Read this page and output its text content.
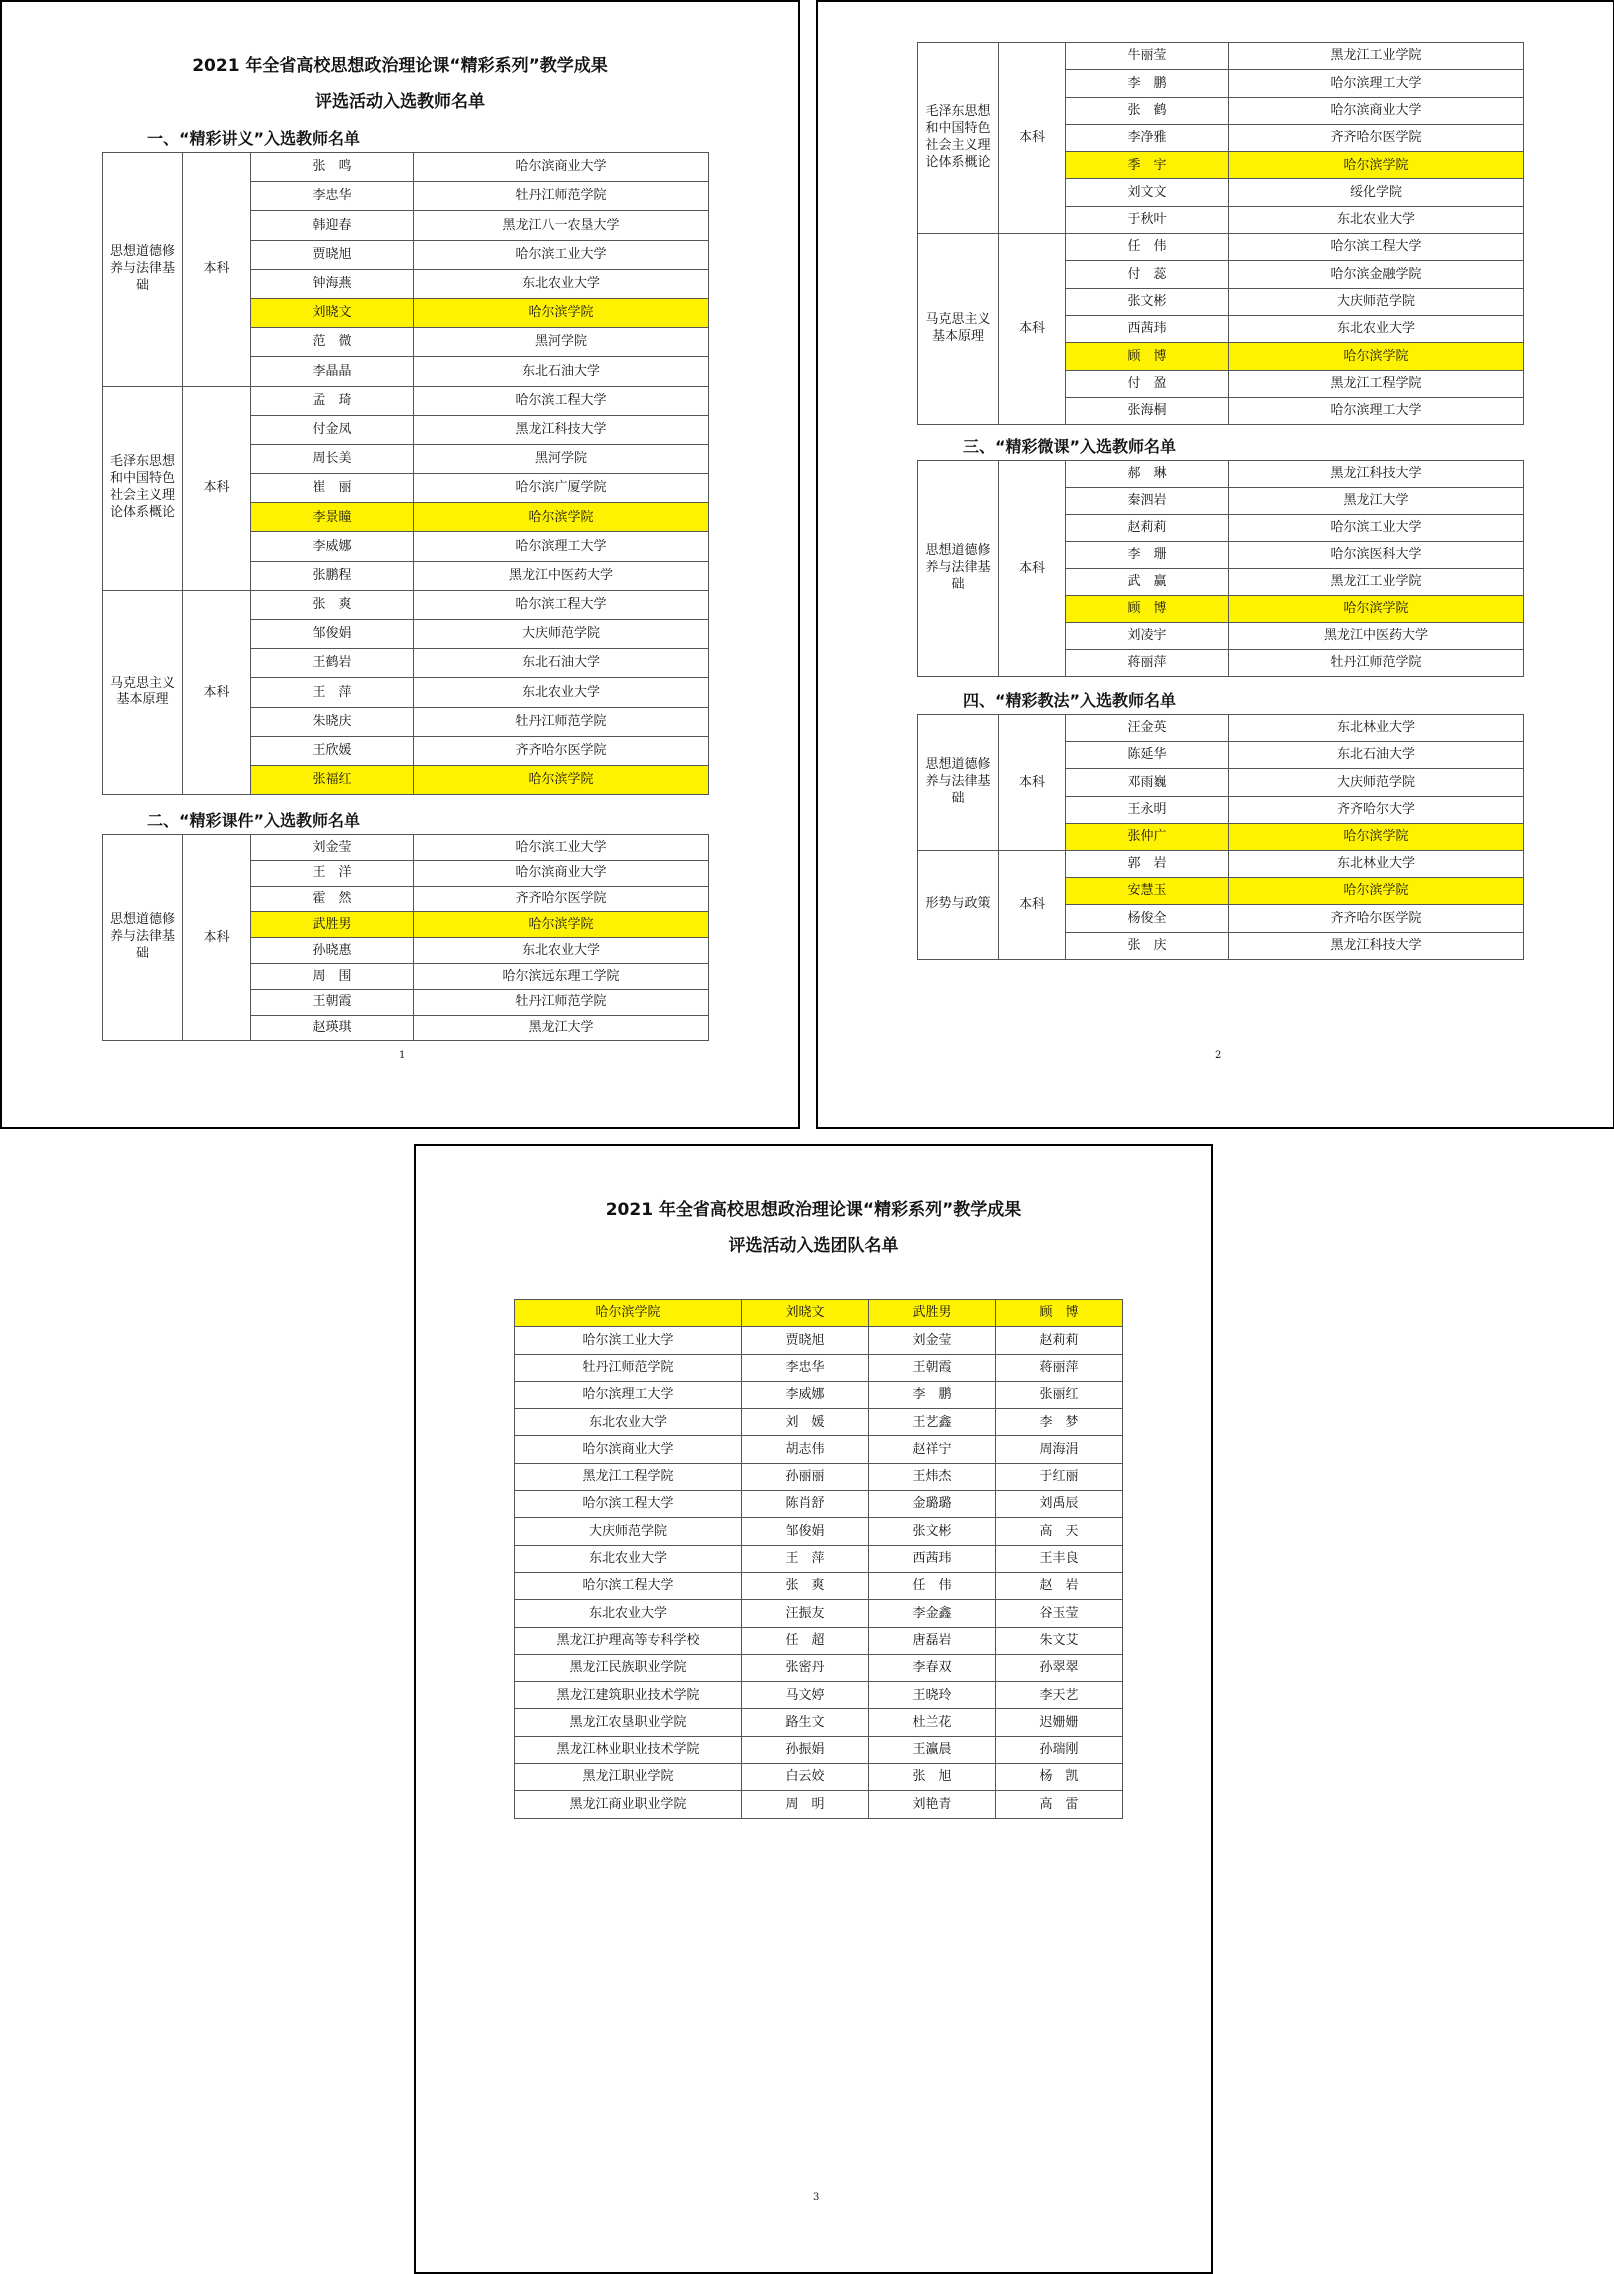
2021 年全省高校思想政治理论课“精彩系列”教学成果
评选活动入选教师名单
一、“精彩讲义”入选教师名单
思想道德修养与法律基础	本科	张　鸣	哈尔滨商业大学
		李忠华	牡丹江师范学院
		韩迎春	黑龙江八一农垦大学
		贾晓旭	哈尔滨工业大学
		钟海燕	东北农业大学
		刘晓文	哈尔滨学院
		范　微	黑河学院
		李晶晶	东北石油大学
毛泽东思想和中国特色社会主义理论体系概论	本科	孟　琦	哈尔滨工程大学
		付金凤	黑龙江科技大学
		周长美	黑河学院
		崔　丽	哈尔滨广厦学院
		李景瞳	哈尔滨学院
		李威娜	哈尔滨理工大学
		张鹏程	黑龙江中医药大学
马克思主义基本原理	本科	张　爽	哈尔滨工程大学
		邹俊娟	大庆师范学院
		王鹤岩	东北石油大学
		王　萍	东北农业大学
		朱晓庆	牡丹江师范学院
		王欣媛	齐齐哈尔医学院
		张福红	哈尔滨学院
二、“精彩课件”入选教师名单
思想道德修养与法律基础	本科	刘金莹	哈尔滨工业大学
		王　洋	哈尔滨商业大学
		霍　然	齐齐哈尔医学院
		武胜男	哈尔滨学院
		孙晓惠	东北农业大学
		周　围	哈尔滨远东理工学院
		王朝霞	牡丹江师范学院
		赵瑛琪	黑龙江大学
1
毛泽东思想和中国特色社会主义理论体系概论	本科	牛丽莹	黑龙江工业学院
		李　鹏	哈尔滨理工大学
		张　鹤	哈尔滨商业大学
		李净雅	齐齐哈尔医学院
		季　宇	哈尔滨学院
		刘文文	绥化学院
		于秋叶	东北农业大学
马克思主义基本原理	本科	任　伟	哈尔滨工程大学
		付　蕊	哈尔滨金融学院
		张文彬	大庆师范学院
		西茜玮	东北农业大学
		顾　博	哈尔滨学院
		付　盈	黑龙江工程学院
		张海桐	哈尔滨理工大学
三、“精彩微课”入选教师名单
思想道德修养与法律基础	本科	郝　琳	黑龙江科技大学
		秦泗岩	黑龙江大学
		赵莉莉	哈尔滨工业大学
		李　珊	哈尔滨医科大学
		武　赢	黑龙江工业学院
		顾　博	哈尔滨学院
		刘凌宇	黑龙江中医药大学
		蒋丽萍	牡丹江师范学院
四、“精彩教法”入选教师名单
思想道德修养与法律基础	本科	汪金英	东北林业大学
		陈延华	东北石油大学
		邓雨巍	大庆师范学院
		王永明	齐齐哈尔大学
		张仲广	哈尔滨学院
形势与政策	本科	郭　岩	东北林业大学
		安慧玉	哈尔滨学院
		杨俊全	齐齐哈尔医学院
		张　庆	黑龙江科技大学
2
2021 年全省高校思想政治理论课“精彩系列”教学成果
评选活动入选团队名单
哈尔滨学院	刘晓文	武胜男	顾　博
哈尔滨工业大学	贾晓旭	刘金莹	赵莉莉
牡丹江师范学院	李忠华	王朝霞	蒋丽萍
哈尔滨理工大学	李威娜	李　鹏	张丽红
东北农业大学	刘　媛	王艺鑫	李　梦
哈尔滨商业大学	胡志伟	赵祥宁	周海涓
黑龙江工程学院	孙丽丽	王炜杰	于红丽
哈尔滨工程大学	陈肖舒	金璐璐	刘禹辰
大庆师范学院	邹俊娟	张文彬	高　天
东北农业大学	王　萍	西茜玮	王丰良
哈尔滨工程大学	张　爽	任　伟	赵　岩
东北农业大学	汪振友	李金鑫	谷玉莹
黑龙江护理高等专科学校	任　超	唐磊岩	朱文艾
黑龙江民族职业学院	张密丹	李春双	孙翠翠
黑龙江建筑职业技术学院	马文婷	王晓玲	李天艺
黑龙江农垦职业学院	路生文	杜兰花	迟姗姗
黑龙江林业职业技术学院	孙振娟	王瀛晨	孙瑞刚
黑龙江职业学院	白云姣	张　旭	杨　凯
黑龙江商业职业学院	周　明	刘艳青	高　雷
3
